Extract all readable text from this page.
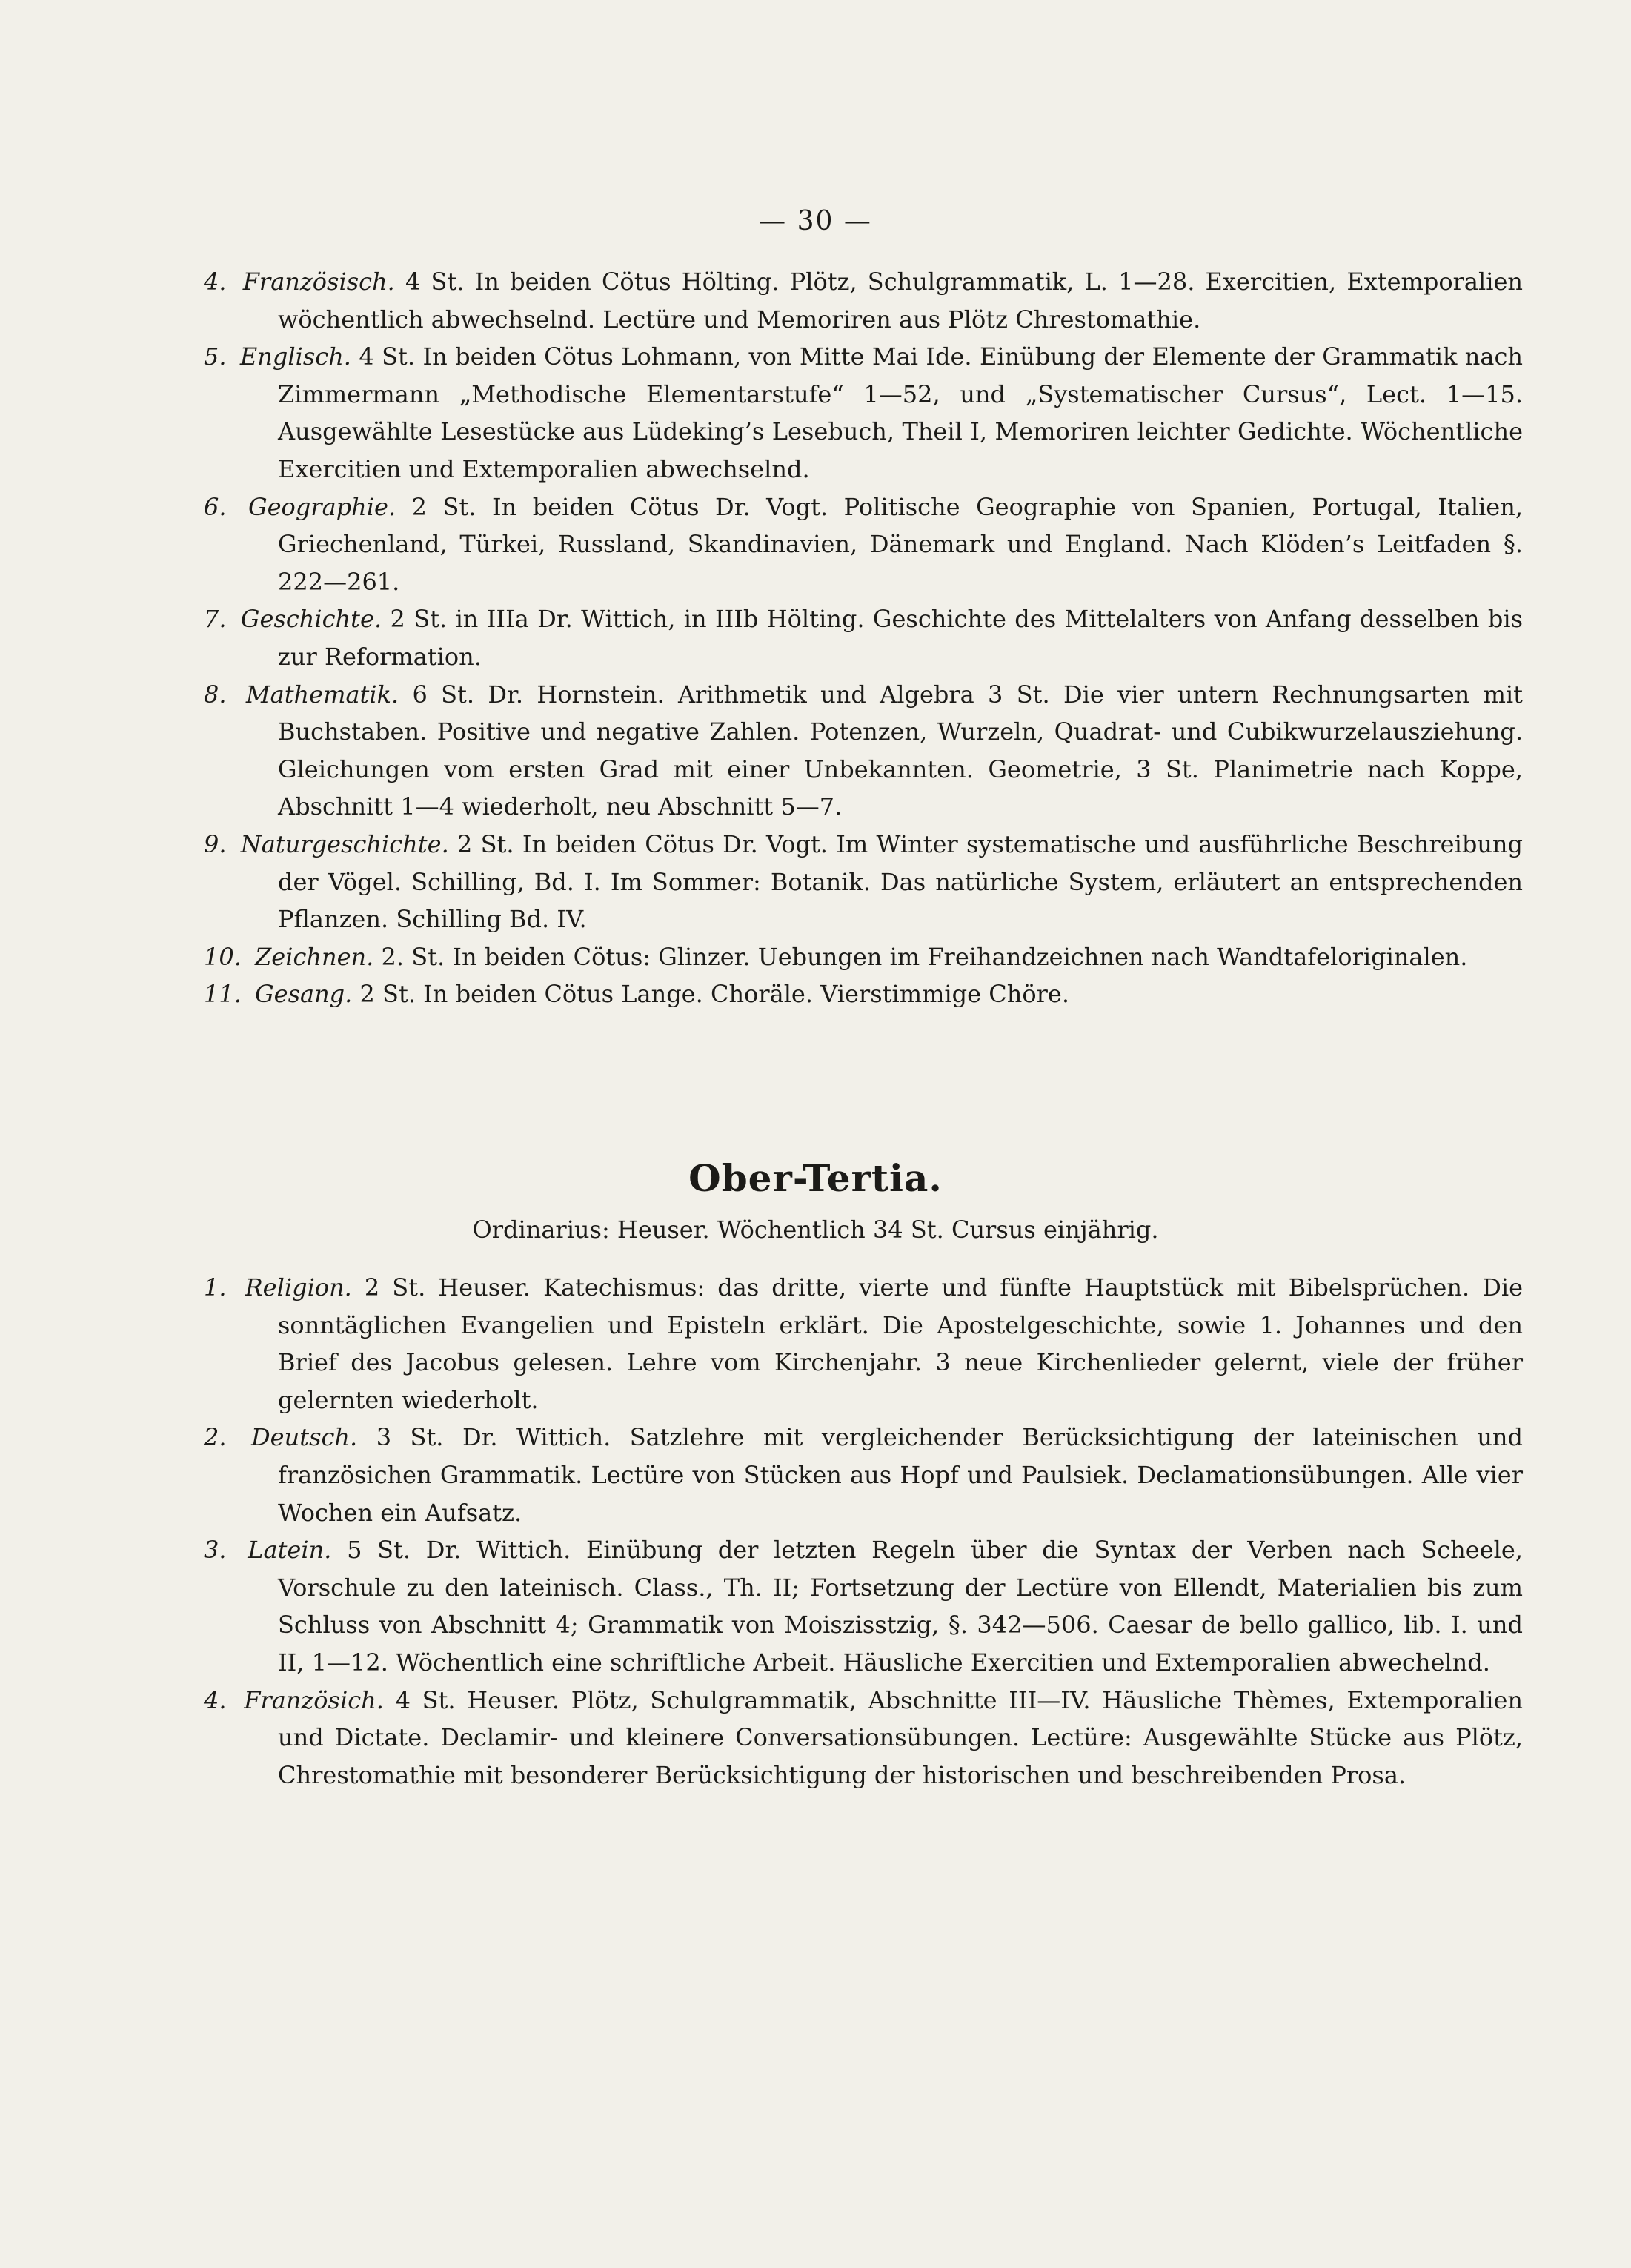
— 30 —
4. Französisch. 4 St. In beiden Cötus Hölting. Plötz, Schulgrammatik, L. 1—28. Exercitien, Extemporalien wöchentlich abwechselnd. Lectüre und Memoriren aus Plötz Chrestomathie.
5. Englisch. 4 St. In beiden Cötus Lohmann, von Mitte Mai Ide. Einübung der Elemente der Grammatik nach Zimmermann „Methodische Elementarstufe“ 1—52, und „Systematischer Cursus“, Lect. 1—15. Ausgewählte Lesestücke aus Lüdeking’s Lesebuch, Theil I, Memoriren leichter Gedichte. Wöchentliche Exercitien und Extemporalien abwechselnd.
6. Geographie. 2 St. In beiden Cötus Dr. Vogt. Politische Geographie von Spanien, Portugal, Italien, Griechenland, Türkei, Russland, Skandinavien, Dänemark und England. Nach Klöden’s Leitfaden §. 222—261.
7. Geschichte. 2 St. in IIIa Dr. Wittich, in IIIb Hölting. Geschichte des Mittelalters von Anfang desselben bis zur Reformation.
8. Mathematik. 6 St. Dr. Hornstein. Arithmetik und Algebra 3 St. Die vier untern Rechnungsarten mit Buchstaben. Positive und negative Zahlen. Potenzen, Wurzeln, Quadrat- und Cubikwurzelausziehung. Gleichungen vom ersten Grad mit einer Unbekannten. Geometrie, 3 St. Planimetrie nach Koppe, Abschnitt 1—4 wiederholt, neu Abschnitt 5—7.
9. Naturgeschichte. 2 St. In beiden Cötus Dr. Vogt. Im Winter systematische und ausführliche Beschreibung der Vögel. Schilling, Bd. I. Im Sommer: Botanik. Das natürliche System, erläutert an entsprechenden Pflanzen. Schilling Bd. IV.
10. Zeichnen. 2. St. In beiden Cötus: Glinzer. Uebungen im Freihandzeichnen nach Wandtafeloriginalen.
11. Gesang. 2 St. In beiden Cötus Lange. Choräle. Vierstimmige Chöre.
Ober-Tertia.
Ordinarius: Heuser. Wöchentlich 34 St. Cursus einjährig.
1. Religion. 2 St. Heuser. Katechismus: das dritte, vierte und fünfte Hauptstück mit Bibelsprüchen. Die sonntäglichen Evangelien und Episteln erklärt. Die Apostelgeschichte, sowie 1. Johannes und den Brief des Jacobus gelesen. Lehre vom Kirchenjahr. 3 neue Kirchenlieder gelernt, viele der früher gelernten wiederholt.
2. Deutsch. 3 St. Dr. Wittich. Satzlehre mit vergleichender Berücksichtigung der lateinischen und französichen Grammatik. Lectüre von Stücken aus Hopf und Paulsiek. Declamationsübungen. Alle vier Wochen ein Aufsatz.
3. Latein. 5 St. Dr. Wittich. Einübung der letzten Regeln über die Syntax der Verben nach Scheele, Vorschule zu den lateinisch. Class., Th. II; Fortsetzung der Lectüre von Ellendt, Materialien bis zum Schluss von Abschnitt 4; Grammatik von Moiszisstzig, §. 342—506. Caesar de bello gallico, lib. I. und II, 1—12. Wöchentlich eine schriftliche Arbeit. Häusliche Exercitien und Extemporalien abwechelnd.
4. Französich. 4 St. Heuser. Plötz, Schulgrammatik, Abschnitte III—IV. Häusliche Thèmes, Extemporalien und Dictate. Declamir- und kleinere Conversationsübungen. Lectüre: Ausgewählte Stücke aus Plötz, Chrestomathie mit besonderer Berücksichtigung der historischen und beschreibenden Prosa.
